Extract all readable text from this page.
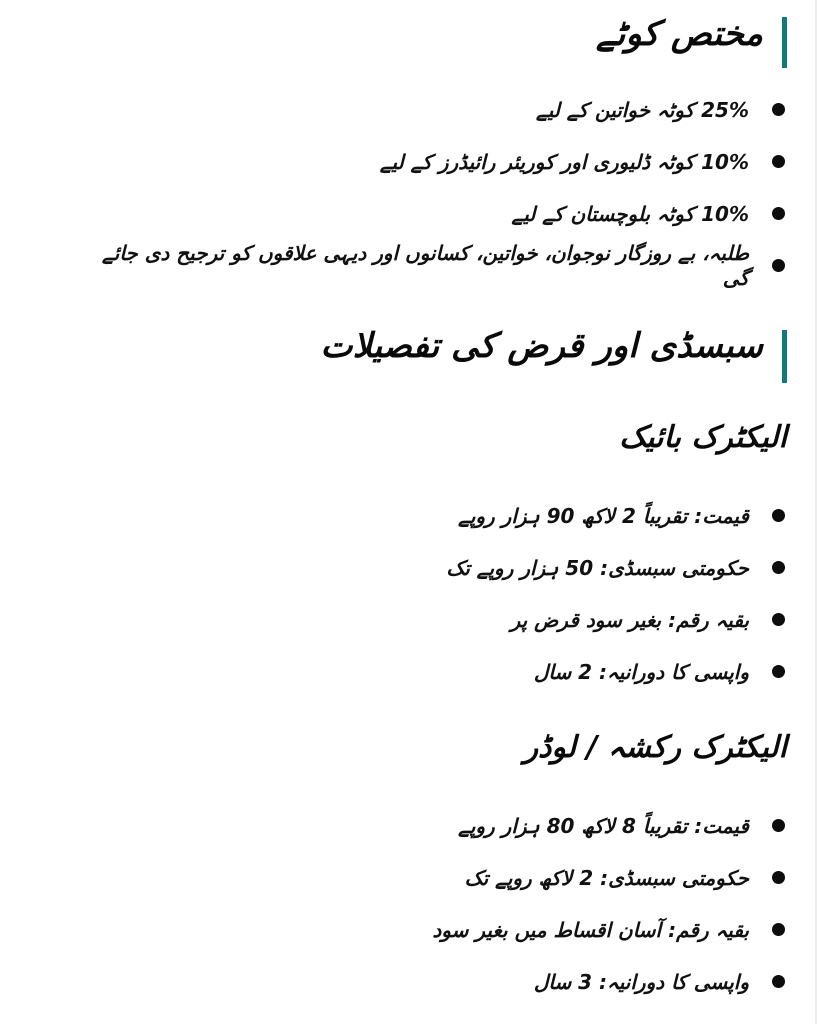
مختص کوٹے
25% کوٹہ خواتین کے لیے
10% کوٹہ ڈلیوری اور کوریئر رائیڈرز کے لیے
10% کوٹہ بلوچستان کے لیے
طلبہ، بے روزگار نوجوان، خواتین، کسانوں اور دیہی علاقوں کو ترجیح دی جائے گی
سبسڈی اور قرض کی تفصیلات
الیکٹرک بائیک
قیمت: تقریباً 2 لاکھ 90 ہزار روپے
حکومتی سبسڈی: 50 ہزار روپے تک
بقیہ رقم: بغیر سود قرض پر
واپسی کا دورانیہ: 2 سال
الیکٹرک رکشہ / لوڈر
قیمت: تقریباً 8 لاکھ 80 ہزار روپے
حکومتی سبسڈی: 2 لاکھ روپے تک
بقیہ رقم: آسان اقساط میں بغیر سود
واپسی کا دورانیہ: 3 سال
